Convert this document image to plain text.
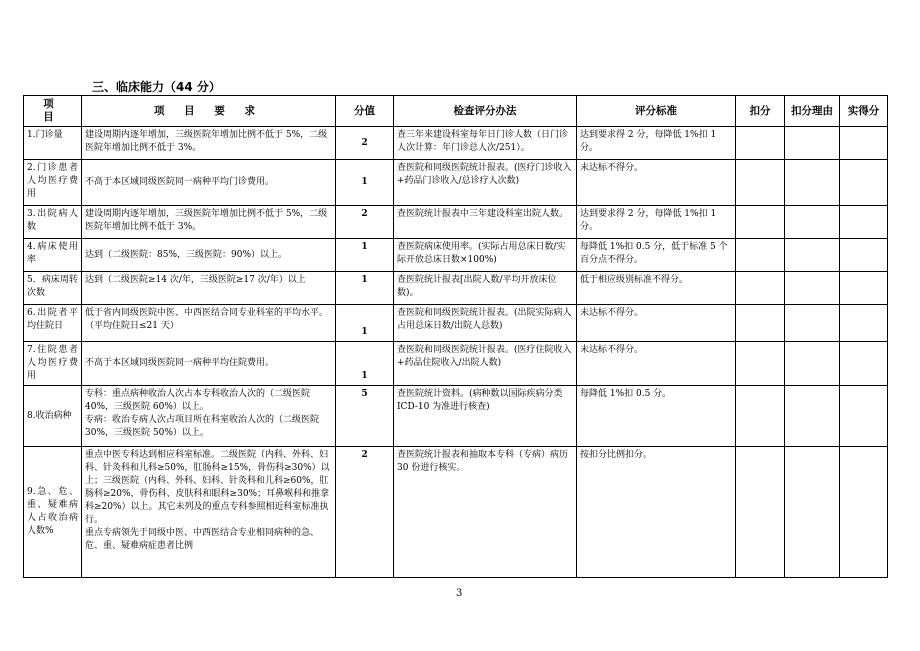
三、临床能力（44 分）
项　目	项 目 要 求	分值	检查评分办法	评分标准	扣分	扣分理由	实得分
1.门诊量	建设周期内逐年增加，三级医院年增加比例不低于 5%，二级医院年增加比例不低于 3%。	2	查三年来建设科室每年日门诊人数（日门诊人次计算：年门诊总人次/251）。	达到要求得 2 分，每降低 1%扣 1 分。			
2.门诊患者人均医疗费用	不高于本区域同级医院同一病种平均门诊费用。	1	查医院和同级医院统计报表。(医疗门诊收入+药品门诊收入/总诊疗人次数)	未达标不得分。			
3.出院病人数	建设周期内逐年增加，三级医院年增加比例不低于 5%，二级医院年增加比例不低于 3%。	2	查医院统计报表中三年建设科室出院人数。	达到要求得 2 分，每降低 1%扣 1 分。			
4.病床使用率	达到（二级医院：85%，三级医院：90%）以上。	1	查医院病床使用率。(实际占用总床日数/实际开放总床日数×100%)	每降低 1%扣 0.5 分，低于标准 5 个百分点不得分。			
5．病床周转次数	达到（二级医院≥14 次/年，三级医院≥17 次/年）以上	1	查医院统计报表[出院人数/平均开放床位数)。	低于相应级别标准不得分。			
6.出院者平均住院日	低于省内同级医院中医、中西医结合同专业科室的平均水平。（平均住院日≤21 天）	1	查医院和同级医院统计报表。(出院实际病人占用总床日数/出院人总数)	未达标不得分。			
7.住院患者人均医疗费用	不高于本区域同级医院同一病种平均住院费用。	1	查医院和同级医院统计报表。(医疗住院收入+药品住院收入/出院人数)	未达标不得分。			
8.收治病种	专科：重点病种收治人次占本专科收治人次的（二级医院 40%，三级医院 60%）以上。
专病：收治专病人次占项目所在科室收治人次的（二级医院 30%，三级医院 50%）以上。	5	查医院统计资料。(病种数以国际疾病分类 ICD-10 为准进行核查)	每降低 1%扣 0.5 分。			
9.急、危、重、疑难病人占收治病人数%	重点中医专科达到相应科室标准。二级医院（内科、外科、妇科、针灸科和儿科≥50%，肛肠科≥15%，骨伤科≥30%）以上；三级医院（内科、外科、妇科、针灸科和儿科≥60%，肛肠科≥20%，骨伤科、皮肤科和眼科≥30%；耳鼻喉科和推拿科≥20%）以上。其它未列及的重点专科参照相近科室标准执行。
重点专病领先于同级中医、中西医结合专业相同病种的急、危、重、疑难病症患者比例	2	查医院统计报表和抽取本专科（专病）病历 30 份进行核实。	按扣分比例扣分。			
3
